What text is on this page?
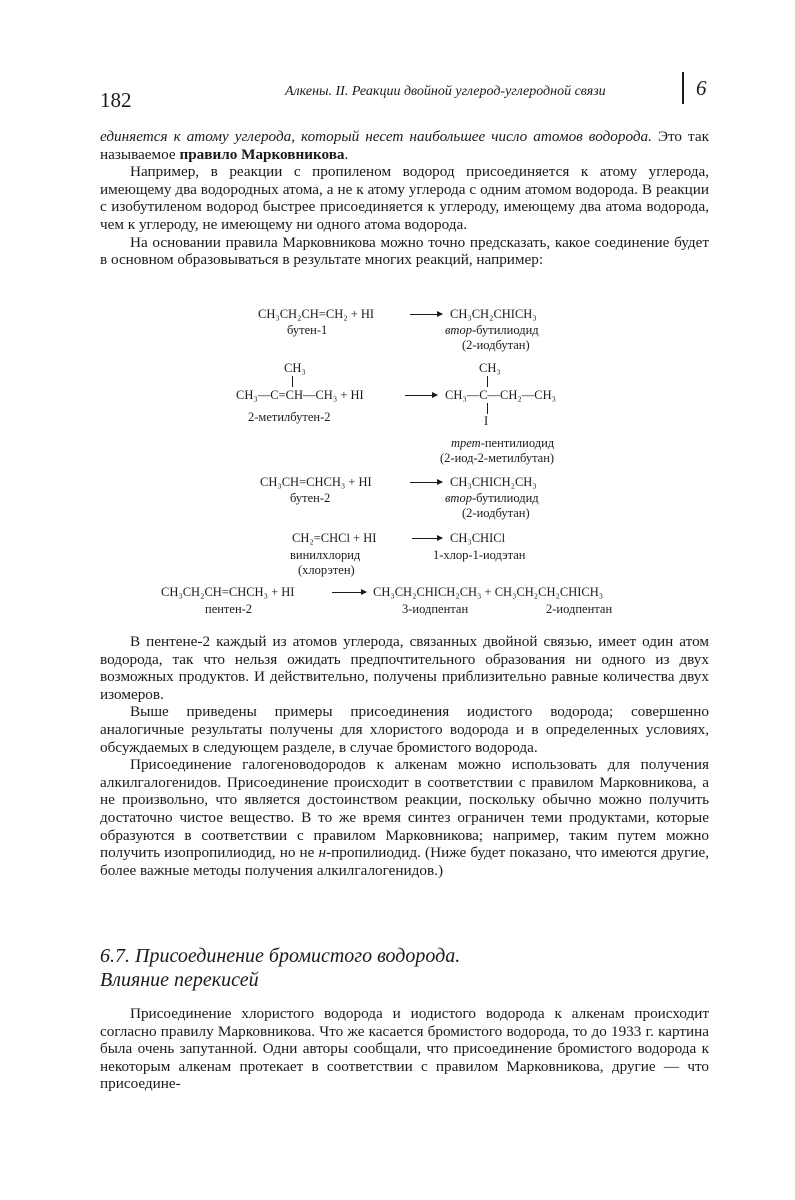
182	Алкены. II. Реакции двойной углерод-углеродной связи	6

единяется к атому углерода, который несет наибольшее число атомов водорода. Это так называемое правило Марковникова.

Например, в реакции с пропиленом водород присоединяется к атому углерода, имеющему два водородных атома, а не к атому углерода с одним атомом водорода. В реакции с изобутиленом водород быстрее присоединяется к углероду, имеющему два атома водорода, чем к углероду, не имеющему ни одного атома водорода.

На основании правила Марковникова можно точно предсказать, какое соединение будет в основном образовываться в результате многих реакций, например:

CH₃CH₂CH=CH₂ + HI	CH₃CH₂CHICH₃
бутен-1	втор-бутилиодид
(2-иодбутан)
CH₃
CH₃—C=CH—CH₃ + HI
CH₃
CH₃—C—CH₂—CH₃
I
2-метилбутен-2
трет-пентилиодид
(2-иод-2-метилбутан)
CH₃CH=CHCH₃ + HI	CH₃CHICH₂CH₃
бутен-2	втор-бутилиодид
(2-иодбутан)
CH₂=CHCl + HI	CH₃CHICl
винилхлорид
(хлорэтен)
1-хлор-1-иодэтан
CH₃CH₂CH=CHCH₃ + HI	CH₃CH₂CHICH₂CH₃ + CH₃CH₂CH₂CHICH₃
пентен-2	3-иодпентан	2-иодпентан

В пентене-2 каждый из атомов углерода, связанных двойной связью, имеет один атом водорода, так что нельзя ожидать предпочтительного образования ни одного из двух возможных продуктов. И действительно, получены приблизительно равные количества двух изомеров.

Выше приведены примеры присоединения иодистого водорода; совершенно аналогичные результаты получены для хлористого водорода и в определенных условиях, обсуждаемых в следующем разделе, в случае бромистого водорода.

Присоединение галогеноводородов к алкенам можно использовать для получения алкилгалогенидов. Присоединение происходит в соответствии с правилом Марковникова, а не произвольно, что является достоинством реакции, поскольку обычно можно получить достаточно чистое вещество. В то же время синтез ограничен теми продуктами, которые образуются в соответствии с правилом Марковникова; например, таким путем можно получить изопропилиодид, но не н-пропилиодид. (Ниже будет показано, что имеются другие, более важные методы получения алкилгалогенидов.)

6.7. Присоединение бромистого водорода.
Влияние перекисей

Присоединение хлористого водорода и иодистого водорода к алкенам происходит согласно правилу Марковникова. Что же касается бромистого водорода, то до 1933 г. картина была очень запутанной. Одни авторы сообщали, что присоединение бромистого водорода к некоторым алкенам протекает в соответствии с правилом Марковникова, другие — что присоедине-
